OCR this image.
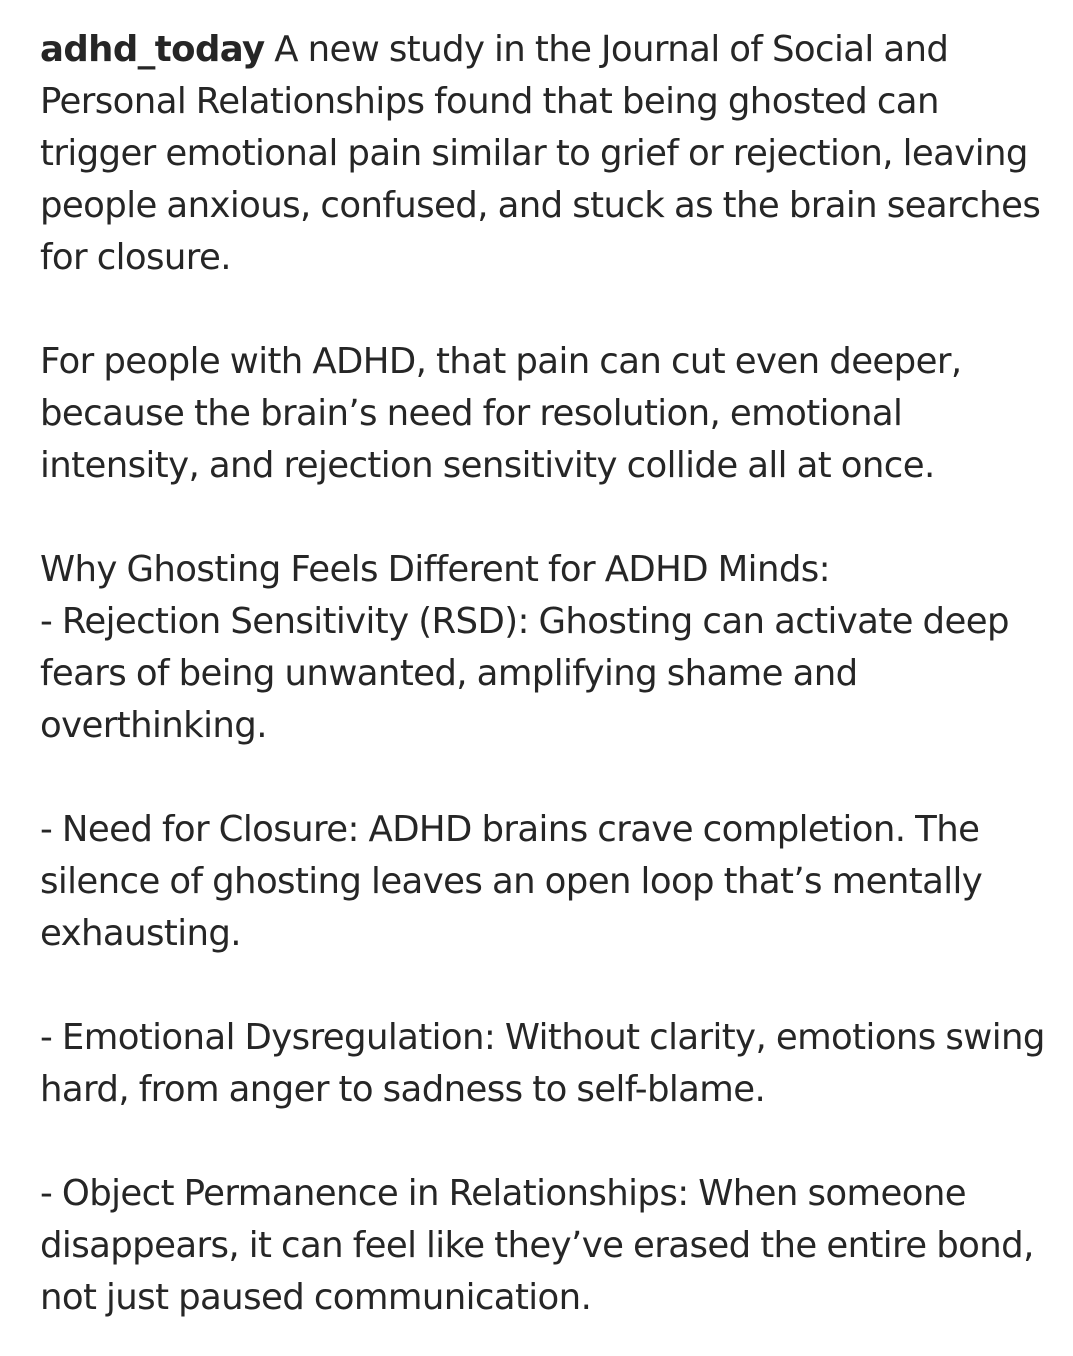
adhd_today A new study in the Journal of Social and Personal Relationships found that being ghosted can trigger emotional pain similar to grief or rejection, leaving people anxious, confused, and stuck as the brain searches for closure.

For people with ADHD, that pain can cut even deeper, because the brain’s need for resolution, emotional intensity, and rejection sensitivity collide all at once.

Why Ghosting Feels Different for ADHD Minds:

- Rejection Sensitivity (RSD): Ghosting can activate deep fears of being unwanted, amplifying shame and overthinking.

- Need for Closure: ADHD brains crave completion. The silence of ghosting leaves an open loop that’s mentally exhausting.

- Emotional Dysregulation: Without clarity, emotions swing hard, from anger to sadness to self-blame.

- Object Permanence in Relationships: When someone disappears, it can feel like they’ve erased the entire bond, not just paused communication.
